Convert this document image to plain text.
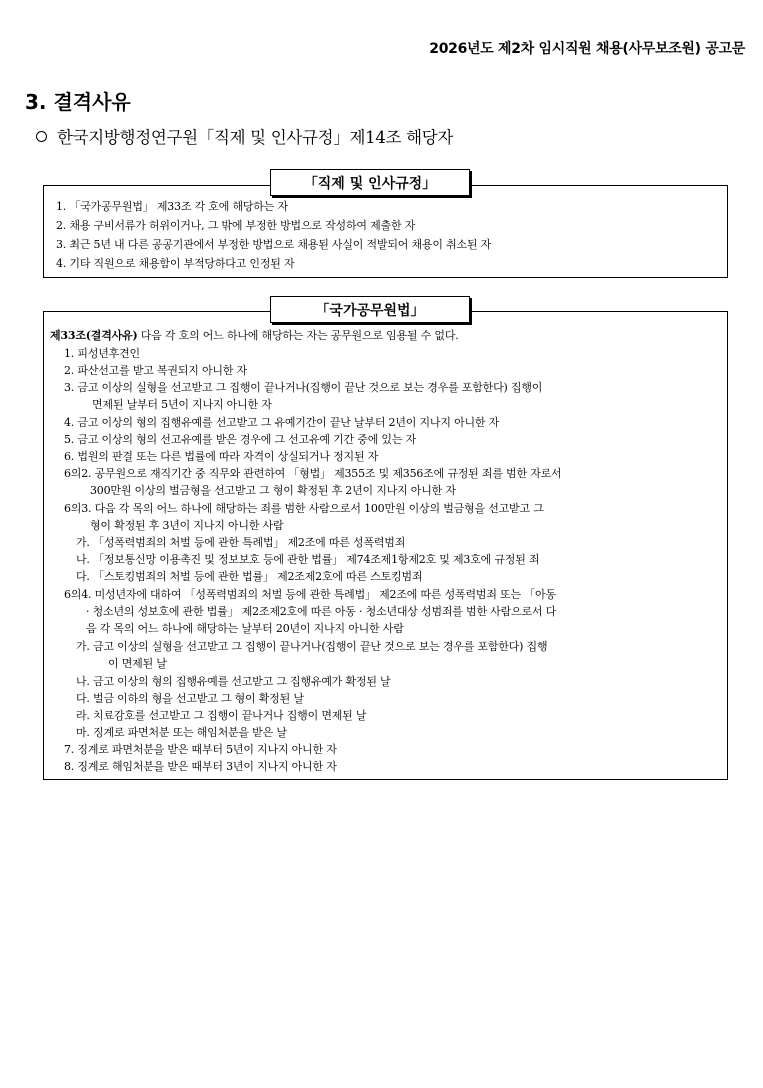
2026년도 제2차 임시직원 채용(사무보조원) 공고문
3. 결격사유
한국지방행정연구원「직제 및 인사규정」제14조 해당자
1. 「국가공무원법」 제33조 각 호에 해당하는 자
2. 채용 구비서류가 허위이거나, 그 밖에 부정한 방법으로 작성하여 제출한 자
3. 최근 5년 내 다른 공공기관에서 부정한 방법으로 채용된 사실이 적발되어 채용이 취소된 자
4. 기타 직원으로 채용함이 부적당하다고 인정된 자
「직제 및 인사규정」
제33조(결격사유) 다음 각 호의 어느 하나에 해당하는 자는 공무원으로 임용될 수 없다.
1. 피성년후견인
2. 파산선고를 받고 복권되지 아니한 자
3. 금고 이상의 실형을 선고받고 그 집행이 끝나거나(집행이 끝난 것으로 보는 경우를 포함한다) 집행이
면제된 날부터 5년이 지나지 아니한 자
4. 금고 이상의 형의 집행유예를 선고받고 그 유예기간이 끝난 날부터 2년이 지나지 아니한 자
5. 금고 이상의 형의 선고유예를 받은 경우에 그 선고유예 기간 중에 있는 자
6. 법원의 판결 또는 다른 법률에 따라 자격이 상실되거나 정지된 자
6의2. 공무원으로 재직기간 중 직무와 관련하여 「형법」 제355조 및 제356조에 규정된 죄를 범한 자로서
300만원 이상의 벌금형을 선고받고 그 형이 확정된 후 2년이 지나지 아니한 자
6의3. 다음 각 목의 어느 하나에 해당하는 죄를 범한 사람으로서 100만원 이상의 벌금형을 선고받고 그
형이 확정된 후 3년이 지나지 아니한 사람
가. 「성폭력범죄의 처벌 등에 관한 특례법」 제2조에 따른 성폭력범죄
나. 「정보통신망 이용촉진 및 정보보호 등에 관한 법률」 제74조제1항제2호 및 제3호에 규정된 죄
다. 「스토킹범죄의 처벌 등에 관한 법률」 제2조제2호에 따른 스토킹범죄
6의4. 미성년자에 대하여 「성폭력범죄의 처벌 등에 관한 특례법」 제2조에 따른 성폭력범죄 또는 「아동
· 청소년의 성보호에 관한 법률」 제2조제2호에 따른 아동 · 청소년대상 성범죄를 범한 사람으로서 다
음 각 목의 어느 하나에 해당하는 날부터 20년이 지나지 아니한 사람
가. 금고 이상의 실형을 선고받고 그 집행이 끝나거나(집행이 끝난 것으로 보는 경우를 포함한다) 집행
이 면제된 날
나. 금고 이상의 형의 집행유예를 선고받고 그 집행유예가 확정된 날
다. 벌금 이하의 형을 선고받고 그 형이 확정된 날
라. 치료감호를 선고받고 그 집행이 끝나거나 집행이 면제된 날
마. 징계로 파면처분 또는 해임처분을 받은 날
7. 징계로 파면처분을 받은 때부터 5년이 지나지 아니한 자
8. 징계로 해임처분을 받은 때부터 3년이 지나지 아니한 자
「국가공무원법」
